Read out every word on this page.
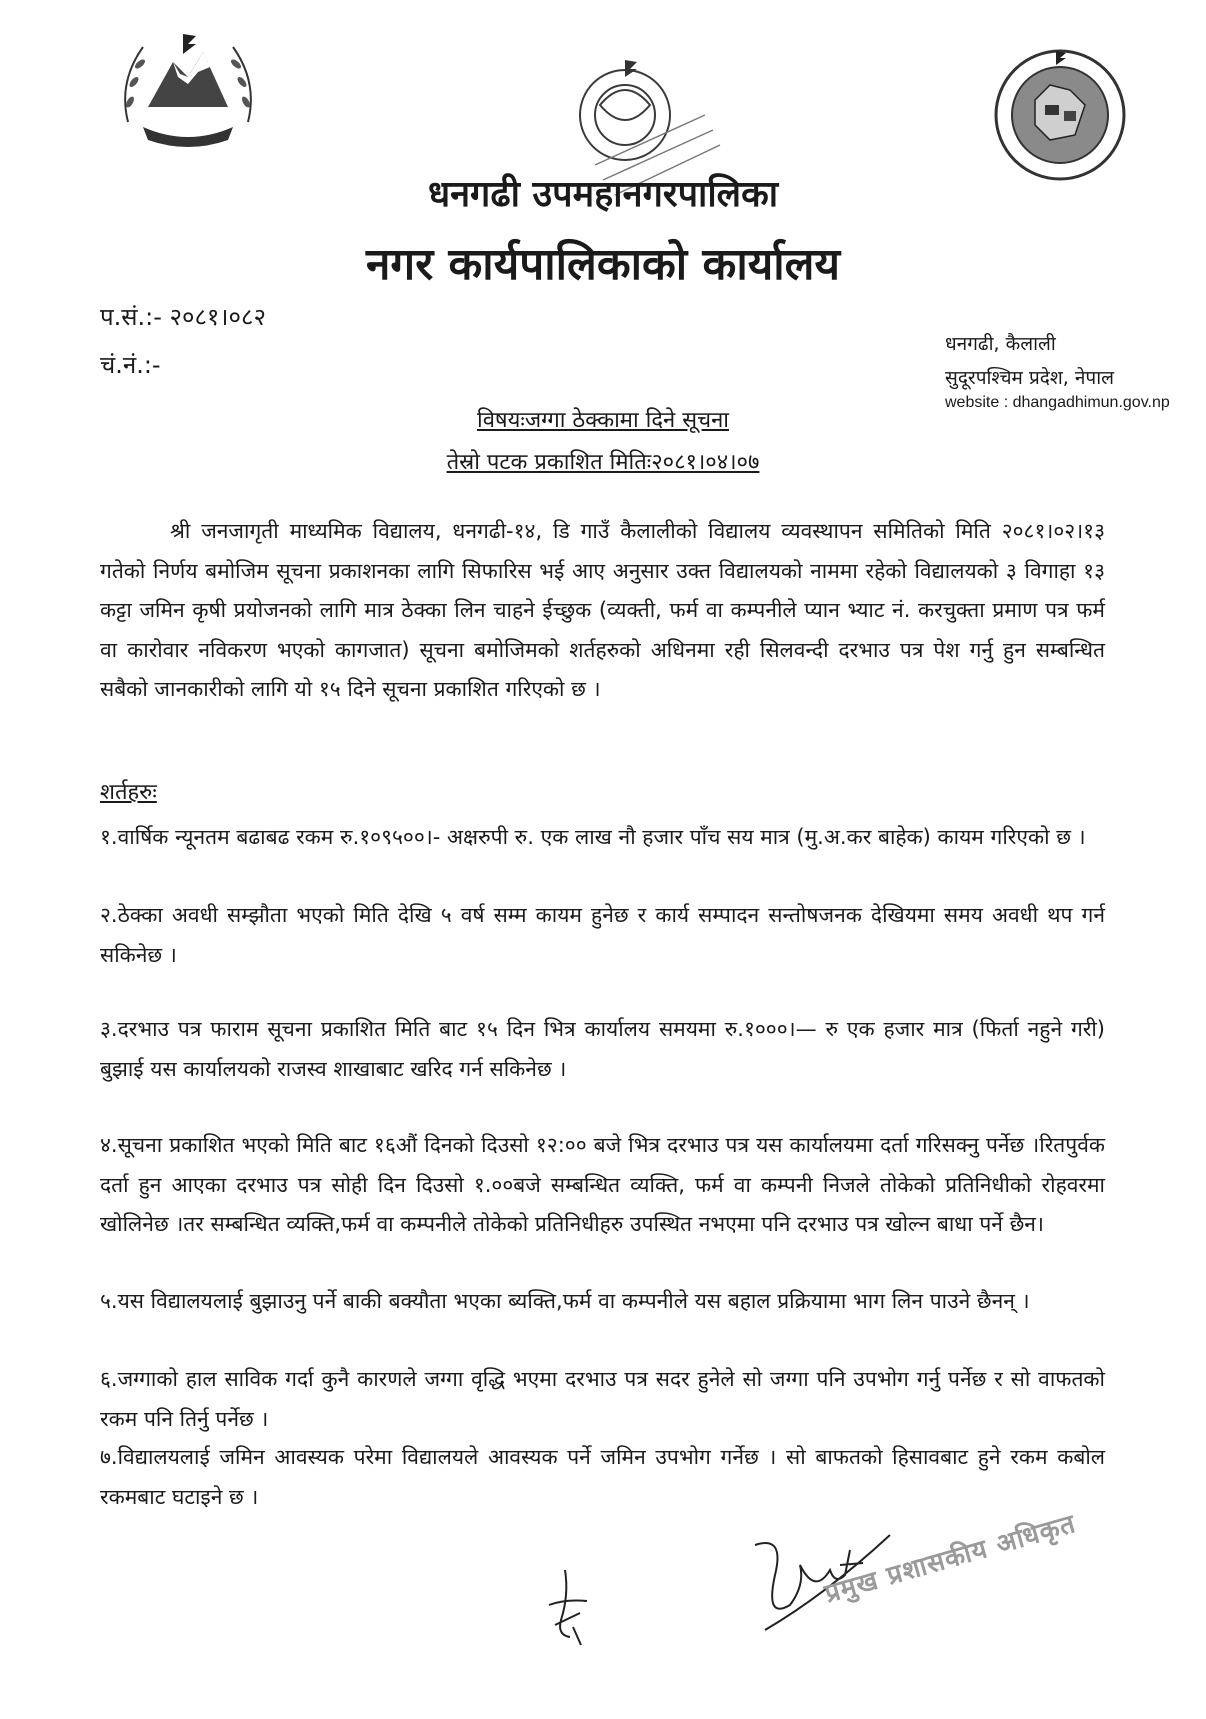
धनगढी उपमहानगरपालिका
नगर कार्यपालिकाको कार्यालय
प.सं.:- २०८१।०८२
चं.नं.:-
धनगढी, कैलाली
सुदूरपश्चिम प्रदेश, नेपाल
website : dhangadhimun.gov.np
विषयःजग्गा ठेक्कामा दिने सूचना
तेस्रो पटक प्रकाशित मितिः२०८१।०४।०७
श्री जनजागृती माध्यमिक विद्यालय, धनगढी-१४, डि गाउँ कैलालीको विद्यालय व्यवस्थापन समितिको मिति २०८१।०२।१३ गतेको निर्णय बमोजिम सूचना प्रकाशनका लागि सिफारिस भई आए अनुसार उक्त विद्यालयको नाममा रहेको विद्यालयको ३ विगाहा १३ कट्टा जमिन कृषी प्रयोजनको लागि मात्र ठेक्का लिन चाहने ईच्छुक (व्यक्ती, फर्म वा कम्पनीले प्यान भ्याट नं. करचुक्ता प्रमाण पत्र फर्म वा कारोवार नविकरण भएको कागजात) सूचना बमोजिमको शर्तहरुको अधिनमा रही सिलवन्दी दरभाउ पत्र पेश गर्नु हुन सम्बन्धित सबैको जानकारीको लागि यो १५ दिने सूचना प्रकाशित गरिएको छ ।
शर्तहरुः
१.वार्षिक न्यूनतम बढाबढ रकम रु.१०९५००।- अक्षरुपी रु. एक लाख नौ हजार पाँच सय मात्र (मु.अ.कर बाहेक) कायम गरिएको छ ।
२.ठेक्का अवधी सम्झौता भएको मिति देखि ५ वर्ष सम्म कायम हुनेछ र कार्य सम्पादन सन्तोषजनक देखियमा समय अवधी थप गर्न सकिनेछ ।
३.दरभाउ पत्र फाराम सूचना प्रकाशित मिति बाट १५ दिन भित्र कार्यालय समयमा रु.१०००।— रु एक हजार मात्र (फिर्ता नहुने गरी) बुझाई यस कार्यालयको राजस्व शाखाबाट खरिद गर्न सकिनेछ ।
४.सूचना प्रकाशित भएको मिति बाट १६औं दिनको दिउसो १२:०० बजे भित्र दरभाउ पत्र यस कार्यालयमा दर्ता गरिसक्नु पर्नेछ ।रितपुर्वक दर्ता हुन आएका दरभाउ पत्र सोही दिन दिउसो १.००बजे सम्बन्धित व्यक्ति, फर्म वा कम्पनी निजले तोकेको प्रतिनिधीको रोहवरमा खोलिनेछ ।तर सम्बन्धित व्यक्ति,फर्म वा कम्पनीले तोकेको प्रतिनिधीहरु उपस्थित नभएमा पनि दरभाउ पत्र खोल्न बाधा पर्ने छैन।
५.यस विद्यालयलाई बुझाउनु पर्ने बाकी बक्यौता भएका ब्यक्ति,फर्म वा कम्पनीले यस बहाल प्रक्रियामा भाग लिन पाउने छैनन् ।
६.जग्गाको हाल साविक गर्दा कुनै कारणले जग्गा वृद्धि भएमा दरभाउ पत्र सदर हुनेले सो जग्गा पनि उपभोग गर्नु पर्नेछ र सो वाफतको रकम पनि तिर्नु पर्नेछ ।
७.विद्यालयलाई जमिन आवस्यक परेमा विद्यालयले आवस्यक पर्ने जमिन उपभोग गर्नेछ । सो बाफतको हिसावबाट हुने रकम कबोल रकमबाट घटाइने छ ।
प्रमुख प्रशासकीय अधिकृत
